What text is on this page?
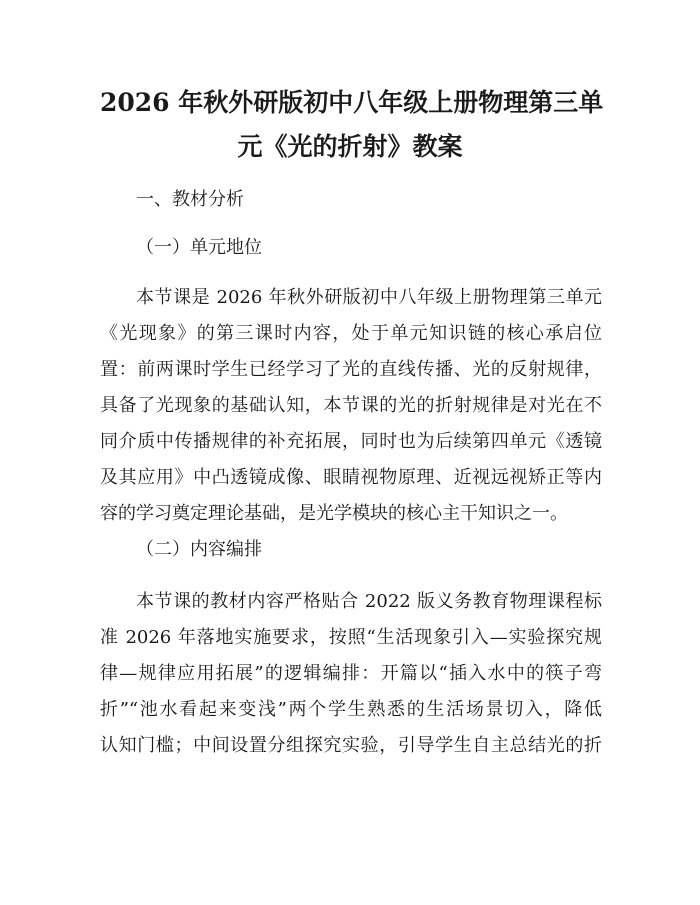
2026 年秋外研版初中八年级上册物理第三单
元《光的折射》教案
一、教材分析
（一）单元地位
本节课是 2026 年秋外研版初中八年级上册物理第三单元
《光现象》的第三课时内容，处于单元知识链的核心承启位
置：前两课时学生已经学习了光的直线传播、光的反射规律，
具备了光现象的基础认知，本节课的光的折射规律是对光在不
同介质中传播规律的补充拓展，同时也为后续第四单元《透镜
及其应用》中凸透镜成像、眼睛视物原理、近视远视矫正等内
容的学习奠定理论基础，是光学模块的核心主干知识之一。
（二）内容编排
本节课的教材内容严格贴合 2022 版义务教育物理课程标
准 2026 年落地实施要求，按照“生活现象引入—实验探究规
律—规律应用拓展”的逻辑编排：开篇以“插入水中的筷子弯
折”“池水看起来变浅”两个学生熟悉的生活场景切入，降低
认知门槛；中间设置分组探究实验，引导学生自主总结光的折
